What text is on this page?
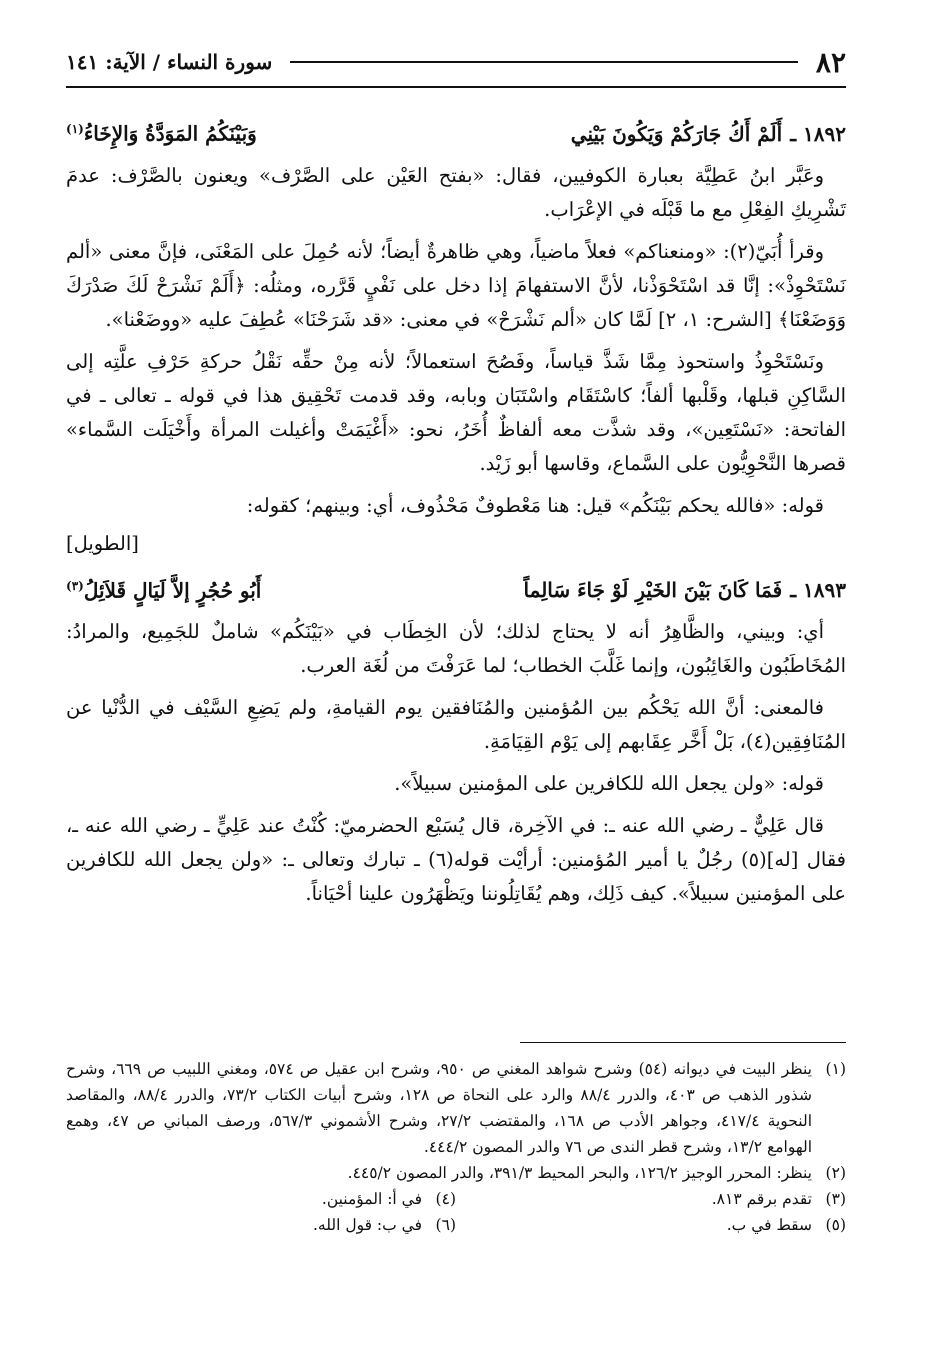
٨٢
سورة النساء / الآية: ١٤١
١٨٩٢ ـ
أَلَمْ أَكُ جَارَكُمْ وَيَكُونَ بَيْنِي
وَبَيْنَكُمُ المَوَدَّةُ وَالإِخَاءُ$^{(١)}$

وعَبَّر ابنُ عَطِيَّة بعبارة الكوفيين، فقال: «بفتح العَيْن على الصَّرْف» ويعنون بالصَّرْف: عدمَ تَشْرِيكِ الفِعْلِ مع ما قَبْلَه في الإعْرَاب.

وقرأ أُبَيّ(٢): «ومنعناكم» فعلاً ماضياً، وهي ظاهرةٌ أيضاً؛ لأنه حُمِلَ على المَعْنَى، فإنَّ معنى «ألم نَسْتَحْوِذْ»: إنَّا قد اسْتَحْوَذْنا، لأنَّ الاستفهامَ إذا دخل على نَفْيٍ قَرَّره، ومثلُه: ﴿أَلَمْ نَشْرَحْ لَكَ صَدْرَكَ وَوَضَعْنَا﴾ [الشرح: ١، ٢] لَمَّا كان «ألم نَشْرَحْ» في معنى: «قد شَرَحْنَا» عُطِفَ عليه «ووضَعْنا».

ونَسْتَحْوِذُ واستحوذ مِمَّا شَذَّ قياساً، وفَصُحَ استعمالاً؛ لأنه مِنْ حقِّه نَقْلُ حركةِ حَرْفِ علَّتِه إلى السَّاكِنِ قبلها، وقَلْبها ألفاً؛ كاسْتَقَام واسْتَبَان وبابه، وقد قدمت تَحْقِيق هذا في قوله ـ تعالى ـ في الفاتحة: «نَسْتَعِين»، وقد شذَّت معه ألفاظٌ أُخَرُ، نحو: «أَغْيَمَتْ وأغيلت المرأة وأَخْيَلَت السَّماء» قصرها النَّحْوِيُّون على السَّماع، وقاسها أبو زَيْد.

قوله: «فالله يحكم بَيْنَكُم» قيل: هنا مَعْطوفٌ مَحْذُوف، أي: وبينهم؛ كقوله:

[الطويل]
١٨٩٣ ـ
فَمَا كَانَ بَيْنَ الخَيْرِ لَوْ جَاءَ سَالِماً
أَبُو حُجُرٍ إلاَّ لَيَالٍ قَلاَئِلُ$^{(٣)}$

أي: وبيني، والظَّاهِرُ أنه لا يحتاج لذلك؛ لأن الخِطَاب في «بَيْنَكُم» شاملٌ للجَمِيع، والمرادُ: المُخَاطَبُون والغَائِبُون، وإنما غَلَّبَ الخطاب؛ لما عَرَفْتَ من لُغَة العرب.

فالمعنى: أنَّ الله يَحْكُم بين المُؤمنين والمُنَافقين يوم القيامةِ، ولم يَضِعِ السَّيْف في الدُّنْيا عن المُنَافِقِين(٤)، بَلْ أَخَّر عِقَابهم إلى يَوْم القِيَامَةِ.

قوله: «ولن يجعل الله للكافرين على المؤمنين سبيلاً».

قال عَلِيٌّ ـ رضي الله عنه ـ: في الآخِرة، قال يُسَيْع الحضرميّ: كُنْتُ عند عَلِيٍّ ـ رضي الله عنه ـ، فقال [له](٥) رجُلٌ يا أمير المُؤمنين: أرأيْت قوله(٦) ـ تبارك وتعالى ـ: «ولن يجعل الله للكافرين على المؤمنين سبيلاً». كيف ذَلِك، وهم يُقَاتِلُوننا ويَظْهَرُون علينا أحْيَاناً.

(١)
ينظر البيت في ديوانه (٥٤) وشرح شواهد المغني ص ٩٥٠، وشرح ابن عقيل ص ٥٧٤، ومغني اللبيب ص ٦٦٩، وشرح شذور الذهب ص ٤٠٣، والدرر ٨٨/٤ والرد على النحاة ص ١٢٨، وشرح أبيات الكتاب ٧٣/٢، والدرر ٨٨/٤، والمقاصد النحوية ٤١٧/٤، وجواهر الأدب ص ١٦٨، والمقتضب ٢٧/٢، وشرح الأشموني ٥٦٧/٣، ورصف المباني ص ٤٧، وهمع الهوامع ١٣/٢، وشرح قطر الندى ص ٧٦ والدر المصون ٤٤٤/٢.
(٢)
ينظر: المحرر الوجيز ١٢٦/٢، والبحر المحيط ٣٩١/٣، والدر المصون ٤٤٥/٢.
(٣)
تقدم برقم ٨١٣.
(٤)
في أ: المؤمنين.
(٥)
سقط في ب.
(٦)
في ب: قول الله.
